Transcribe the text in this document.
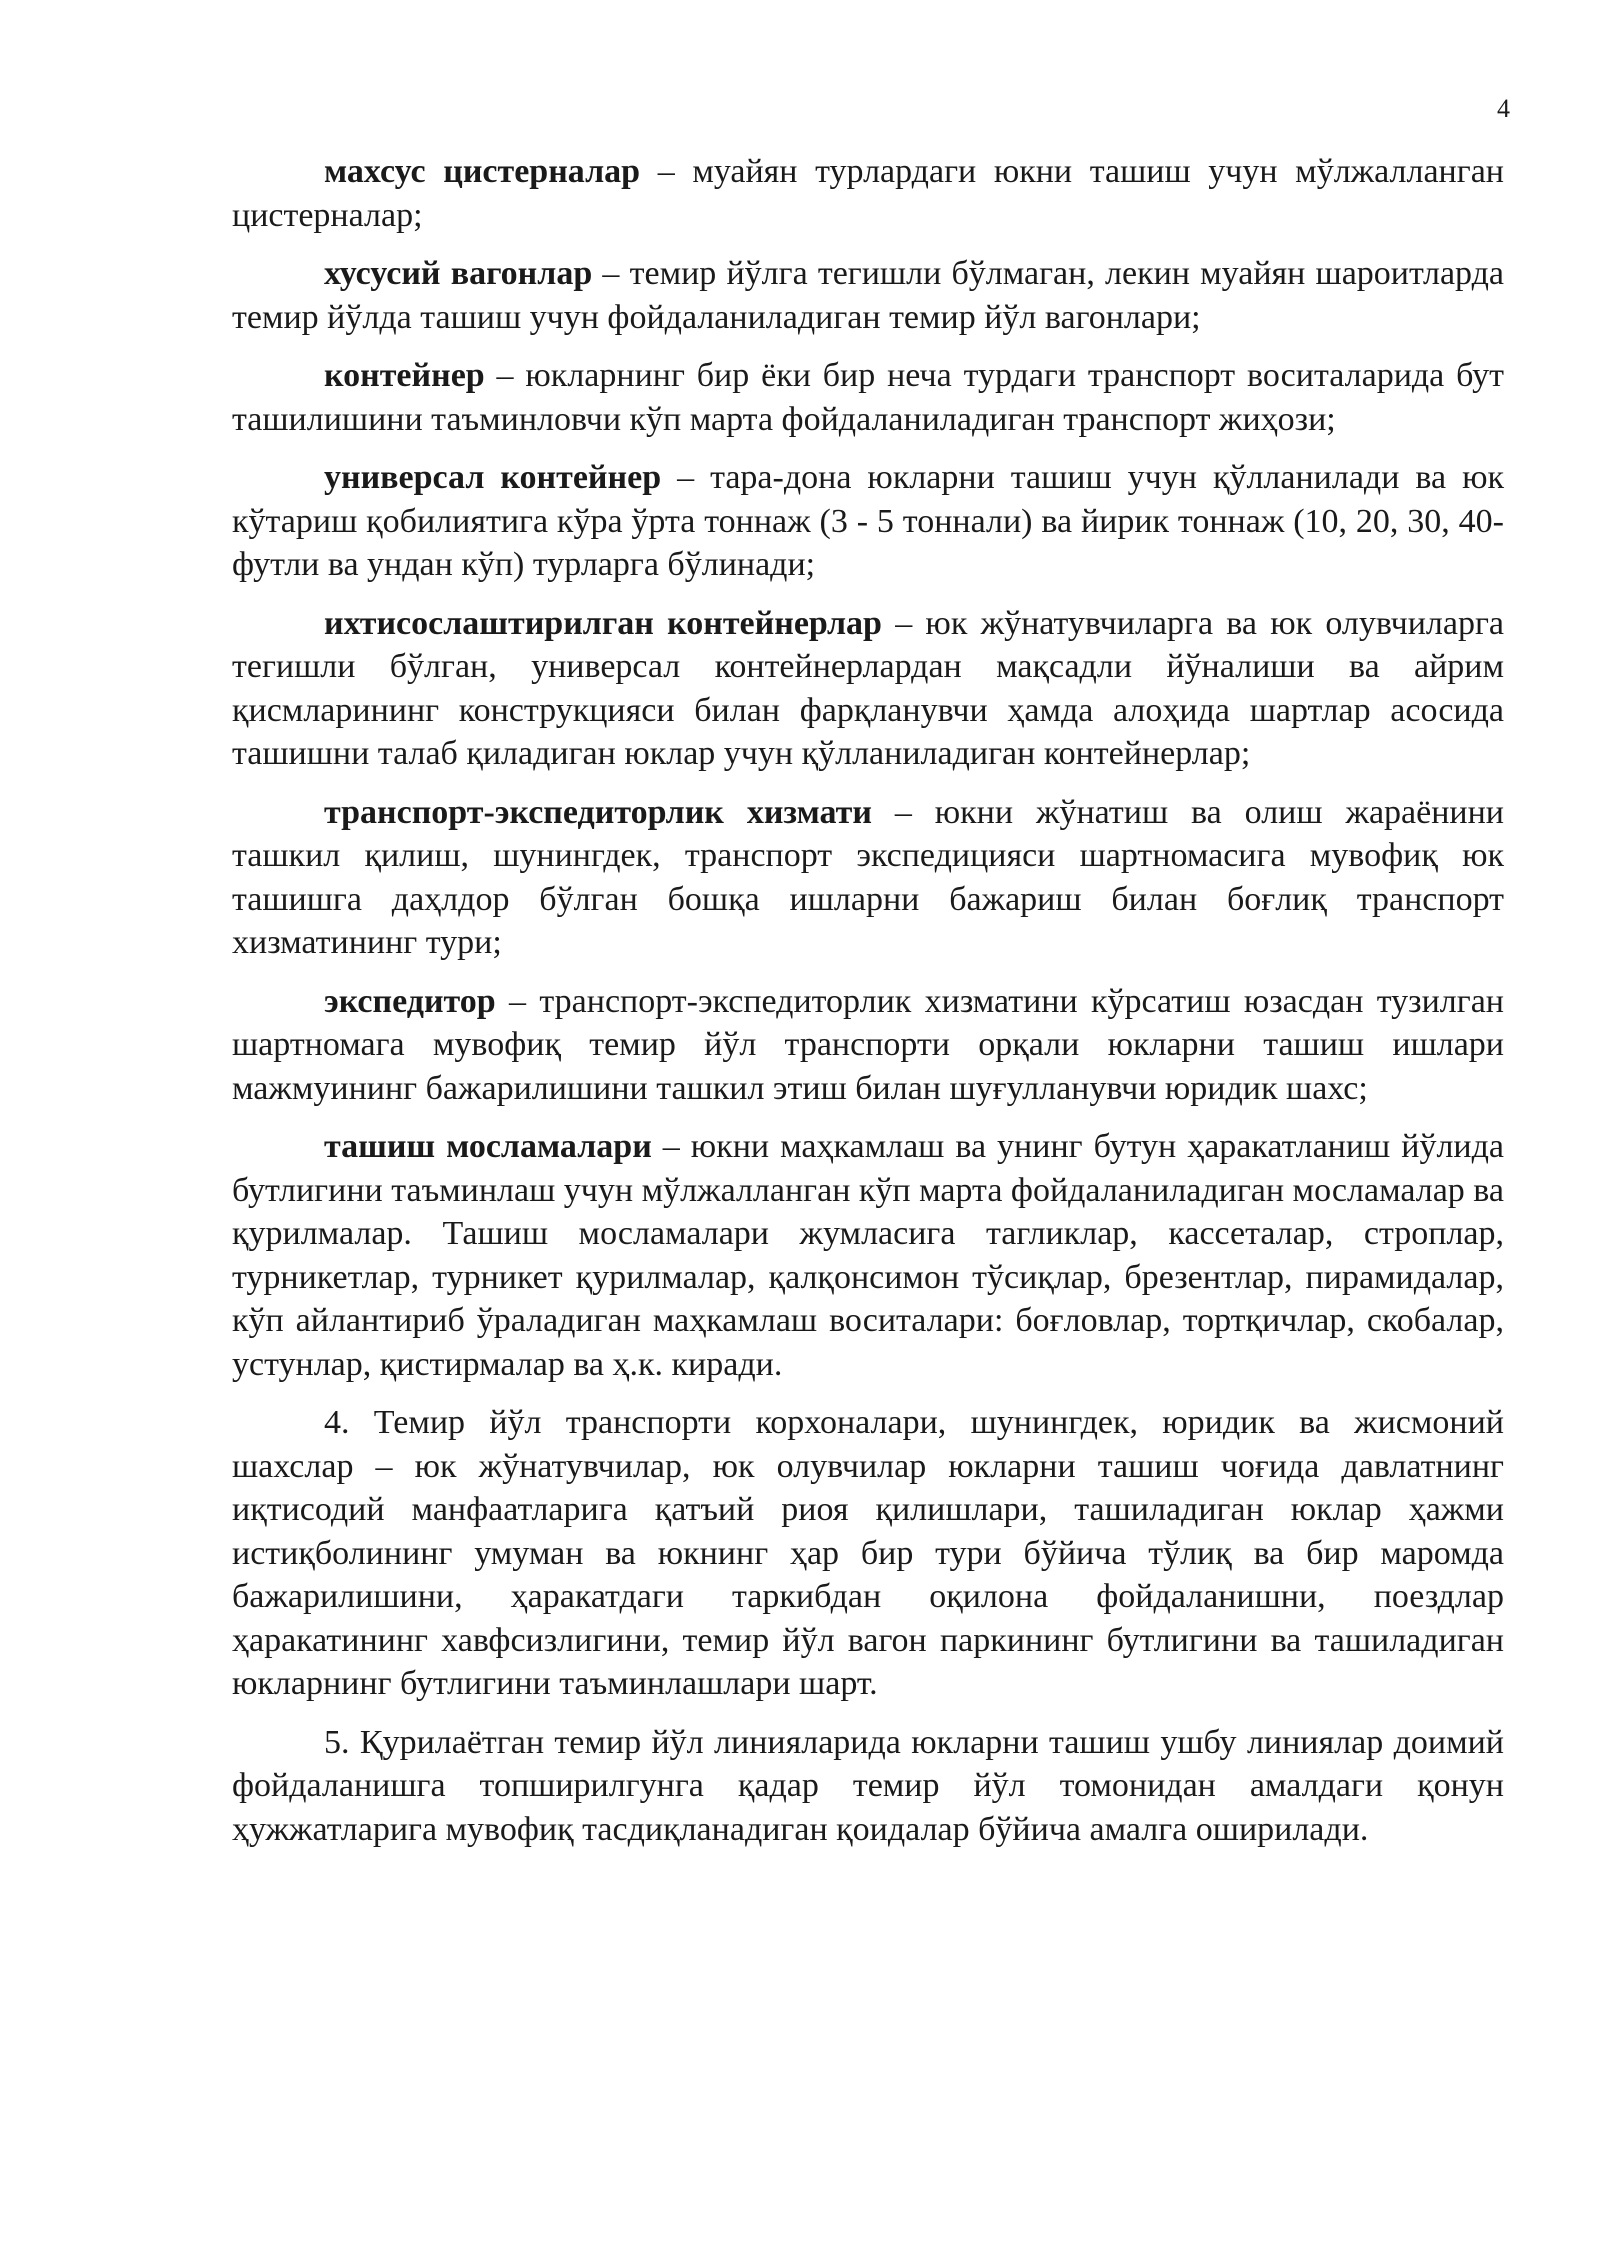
4

махсус цистерналар – муайян турлардаги юкни ташиш учун мўлжалланган цистерналар;

хусусий вагонлар – темир йўлга тегишли бўлмаган, лекин муайян шароитларда темир йўлда ташиш учун фойдаланиладиган темир йўл вагонлари;

контейнер – юкларнинг бир ёки бир неча турдаги транспорт воситаларида бут ташилишини таъминловчи кўп марта фойдаланиладиган транспорт жиҳози;

универсал контейнер – тара-дона юкларни ташиш учун қўлланилади ва юк кўтариш қобилиятига кўра ўрта тоннаж (3 - 5 тоннали) ва йирик тоннаж (10, 20, 30, 40-футли ва ундан кўп) турларга бўлинади;

ихтисослаштирилган контейнерлар – юк жўнатувчиларга ва юк олувчиларга тегишли бўлган, универсал контейнерлардан мақсадли йўналиши ва айрим қисмларининг конструкцияси билан фарқланувчи ҳамда алоҳида шартлар асосида ташишни талаб қиладиган юклар учун қўлланиладиган контейнерлар;

транспорт-экспедиторлик хизмати – юкни жўнатиш ва олиш жараёнини ташкил қилиш, шунингдек, транспорт экспедицияси шартномасига мувофиқ юк ташишга даҳлдор бўлган бошқа ишларни бажариш билан боғлиқ транспорт хизматининг тури;

экспедитор – транспорт-экспедиторлик хизматини кўрсатиш юзасдан тузилган шартномага мувофиқ темир йўл транспорти орқали юкларни ташиш ишлари мажмуининг бажарилишини ташкил этиш билан шуғулланувчи юридик шахс;

ташиш мосламалари – юкни маҳкамлаш ва унинг бутун ҳаракатланиш йўлида бутлигини таъминлаш учун мўлжалланган кўп марта фойдаланиладиган мосламалар ва қурилмалар. Ташиш мосламалари жумласига тагликлар, кассеталар, строплар, турникетлар, турникет қурилмалар, қалқонсимон тўсиқлар, брезентлар, пирамидалар, кўп айлантириб ўраладиган маҳкамлаш воситалари: боғловлар, тортқичлар, скобалар, устунлар, қистирмалар ва ҳ.к. киради.

4. Темир йўл транспорти корхоналари, шунингдек, юридик ва жисмоний шахслар – юк жўнатувчилар, юк олувчилар юкларни ташиш чоғида давлатнинг иқтисодий манфаатларига қатъий риоя қилишлари, ташиладиган юклар ҳажми истиқболининг умуман ва юкнинг ҳар бир тури бўйича тўлиқ ва бир маромда бажарилишини, ҳаракатдаги таркибдан оқилона фойдаланишни, поездлар ҳаракатининг хавфсизлигини, темир йўл вагон паркининг бутлигини ва ташиладиган юкларнинг бутлигини таъминлашлари шарт.

5. Қурилаётган темир йўл линияларида юкларни ташиш ушбу линиялар доимий фойдаланишга топширилгунга қадар темир йўл томонидан амалдаги қонун ҳужжатларига мувофиқ тасдиқланадиган қоидалар бўйича амалга оширилади.
